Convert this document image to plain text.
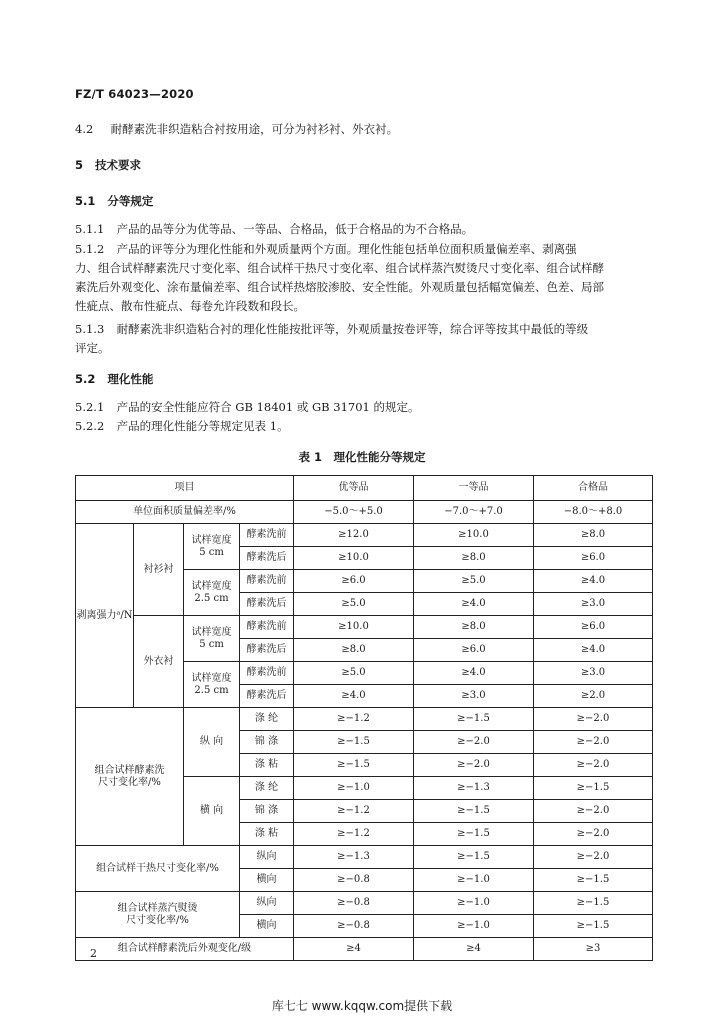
FZ/T 64023—2020
4.2 耐酵素洗非织造粘合衬按用途，可分为衬衫衬、外衣衬。
5 技术要求
5.1 分等规定
5.1.1 产品的品等分为优等品、一等品、合格品，低于合格品的为不合格品。
5.1.2 产品的评等分为理化性能和外观质量两个方面。理化性能包括单位面积质量偏差率、剥离强
力、组合试样酵素洗尺寸变化率、组合试样干热尺寸变化率、组合试样蒸汽熨烫尺寸变化率、组合试样酵
素洗后外观变化、涂布量偏差率、组合试样热熔胶渗胶、安全性能。外观质量包括幅宽偏差、色差、局部
性疵点、散布性疵点、每卷允许段数和段长。
5.1.3 耐酵素洗非织造粘合衬的理化性能按批评等，外观质量按卷评等，综合评等按其中最低的等级
评定。
5.2 理化性能
5.2.1 产品的安全性能应符合 GB 18401 或 GB 31701 的规定。
5.2.2 产品的理化性能分等规定见表 1。
表 1　理化性能分等规定
项目				优等品	一等品	合格品
单位面积质量偏差率/%				−5.0～+5.0	−7.0～+7.0	−8.0～+8.0
剥离强力ᵃ/N	衬衫衬	试样宽度
5 cm	酵素洗前	≥12.0	≥10.0	≥8.0
			酵素洗后	≥10.0	≥8.0	≥6.0
		试样宽度
2.5 cm	酵素洗前	≥6.0	≥5.0	≥4.0
			酵素洗后	≥5.0	≥4.0	≥3.0
	外衣衬	试样宽度
5 cm	酵素洗前	≥10.0	≥8.0	≥6.0
			酵素洗后	≥8.0	≥6.0	≥4.0
		试样宽度
2.5 cm	酵素洗前	≥5.0	≥4.0	≥3.0
			酵素洗后	≥4.0	≥3.0	≥2.0
组合试样酵素洗
尺寸变化率/%		纵 向	涤 纶	≥−1.2	≥−1.5	≥−2.0
			锦 涤	≥−1.5	≥−2.0	≥−2.0
			涤 粘	≥−1.5	≥−2.0	≥−2.0
		横 向	涤 纶	≥−1.0	≥−1.3	≥−1.5
			锦 涤	≥−1.2	≥−1.5	≥−2.0
			涤 粘	≥−1.2	≥−1.5	≥−2.0
组合试样干热尺寸变化率/%			纵向	≥−1.3	≥−1.5	≥−2.0
			横向	≥−0.8	≥−1.0	≥−1.5
组合试样蒸汽熨烫
尺寸变化率/%			纵向	≥−0.8	≥−1.0	≥−1.5
			横向	≥−0.8	≥−1.0	≥−1.5
组合试样酵素洗后外观变化/级				≥4	≥4	≥3
2
库七七 www.kqqw.com提供下载
